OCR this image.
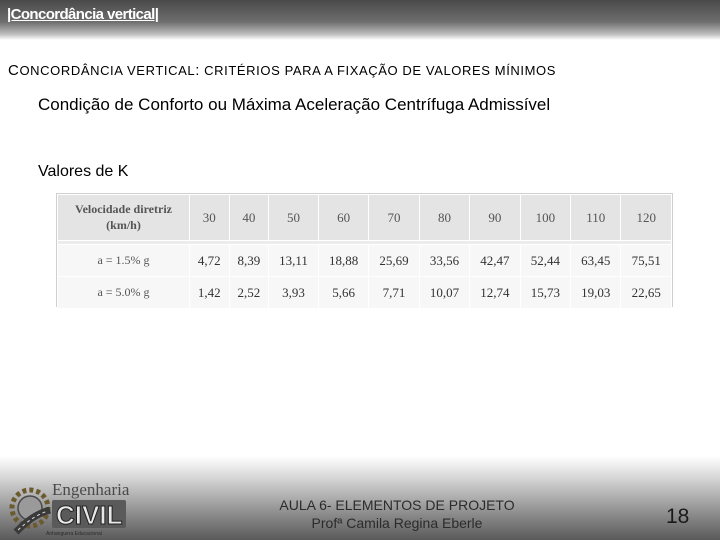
|Concordância vertical|
CONCORDÂNCIA VERTICAL: CRITÉRIOS PARA A FIXAÇÃO DE VALORES MÍNIMOS
Condição de Conforto ou Máxima Aceleração Centrífuga Admissível
Valores de K
Velocidade diretriz
(km/h)	30	40	50	60	70	80	90	100	110	120

a = 1.5% g	4,72	8,39	13,11	18,88	25,69	33,56	42,47	52,44	63,45	75,51
a = 5.0% g	1,42	2,52	3,93	5,66	7,71	10,07	12,74	15,73	19,03	22,65
CIVIL
Engenharia
Anhanguera Educacional
AULA 6- ELEMENTOS DE PROJETO
Profª Camila Regina Eberle	18
